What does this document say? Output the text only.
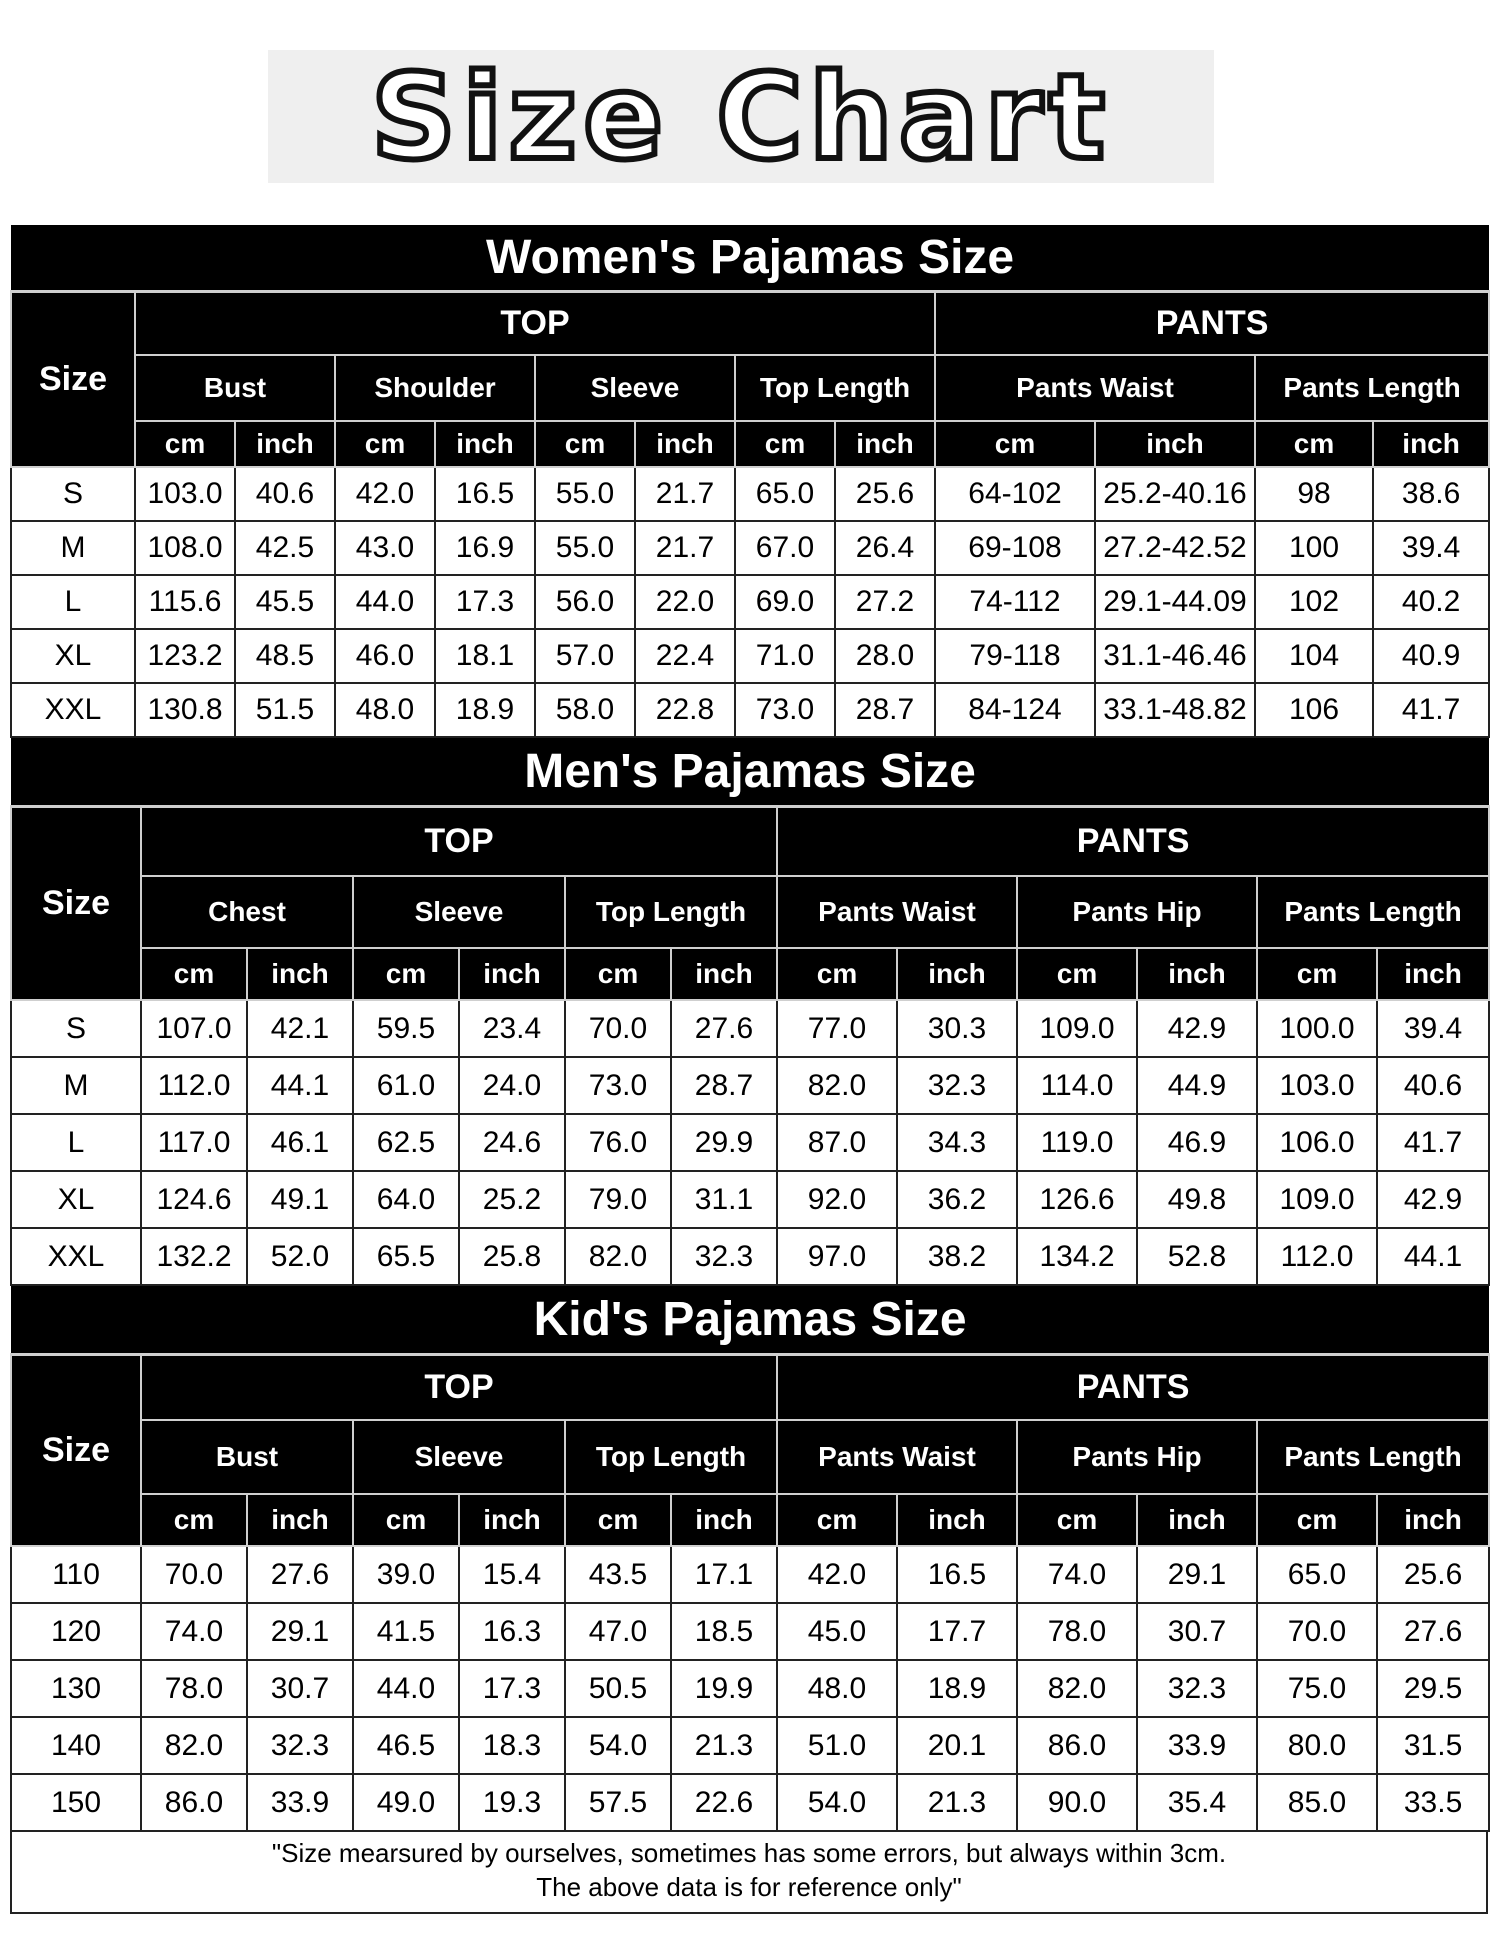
Size Chart
Women's Pajamas Size												
Size	TOP								PANTS			
	Bust		Shoulder		Sleeve		Top Length		Pants Waist		Pants Length	
	cm	inch	cm	inch	cm	inch	cm	inch	cm	inch	cm	inch
S	103.0	40.6	42.0	16.5	55.0	21.7	65.0	25.6	64-102	25.2-40.16	98	38.6
M	108.0	42.5	43.0	16.9	55.0	21.7	67.0	26.4	69-108	27.2-42.52	100	39.4
L	115.6	45.5	44.0	17.3	56.0	22.0	69.0	27.2	74-112	29.1-44.09	102	40.2
XL	123.2	48.5	46.0	18.1	57.0	22.4	71.0	28.0	79-118	31.1-46.46	104	40.9
XXL	130.8	51.5	48.0	18.9	58.0	22.8	73.0	28.7	84-124	33.1-48.82	106	41.7
Men's Pajamas Size												
Size	TOP						PANTS					
	Chest		Sleeve		Top Length		Pants Waist		Pants Hip		Pants Length	
	cm	inch	cm	inch	cm	inch	cm	inch	cm	inch	cm	inch
S	107.0	42.1	59.5	23.4	70.0	27.6	77.0	30.3	109.0	42.9	100.0	39.4
M	112.0	44.1	61.0	24.0	73.0	28.7	82.0	32.3	114.0	44.9	103.0	40.6
L	117.0	46.1	62.5	24.6	76.0	29.9	87.0	34.3	119.0	46.9	106.0	41.7
XL	124.6	49.1	64.0	25.2	79.0	31.1	92.0	36.2	126.6	49.8	109.0	42.9
XXL	132.2	52.0	65.5	25.8	82.0	32.3	97.0	38.2	134.2	52.8	112.0	44.1
Kid's Pajamas Size												
Size	TOP						PANTS					
	Bust		Sleeve		Top Length		Pants Waist		Pants Hip		Pants Length	
	cm	inch	cm	inch	cm	inch	cm	inch	cm	inch	cm	inch
110	70.0	27.6	39.0	15.4	43.5	17.1	42.0	16.5	74.0	29.1	65.0	25.6
120	74.0	29.1	41.5	16.3	47.0	18.5	45.0	17.7	78.0	30.7	70.0	27.6
130	78.0	30.7	44.0	17.3	50.5	19.9	48.0	18.9	82.0	32.3	75.0	29.5
140	82.0	32.3	46.5	18.3	54.0	21.3	51.0	20.1	86.0	33.9	80.0	31.5
150	86.0	33.9	49.0	19.3	57.5	22.6	54.0	21.3	90.0	35.4	85.0	33.5
"Size mearsured by ourselves, sometimes has some errors, but always within 3cm.
The above data is for reference only"
